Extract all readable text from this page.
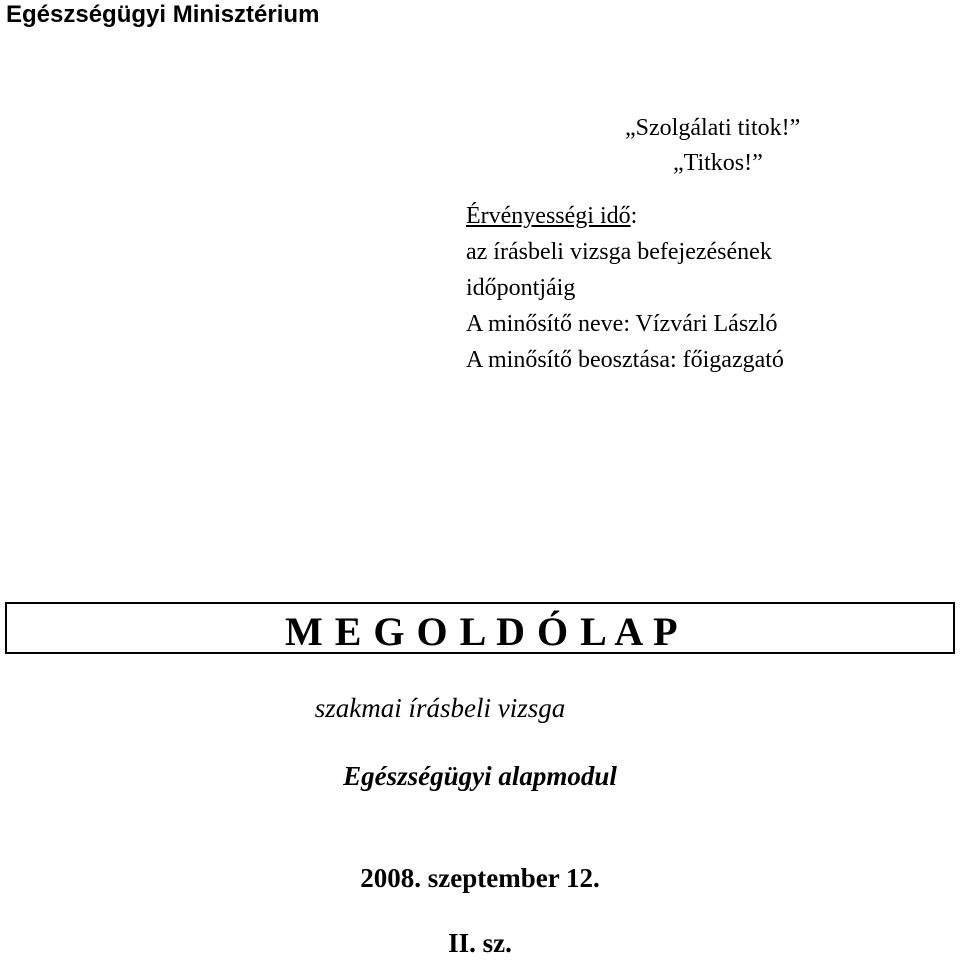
Egészségügyi Minisztérium
„Szolgálati titok!”
„Titkos!”
Érvényességi idő:
az írásbeli vizsga befejezésének
időpontjáig
A minősítő neve: Vízvári László
A minősítő beosztása: főigazgató
M E G O L D Ó L A P
szakmai írásbeli vizsga
Egészségügyi alapmodul
2008. szeptember 12.
II. sz.
